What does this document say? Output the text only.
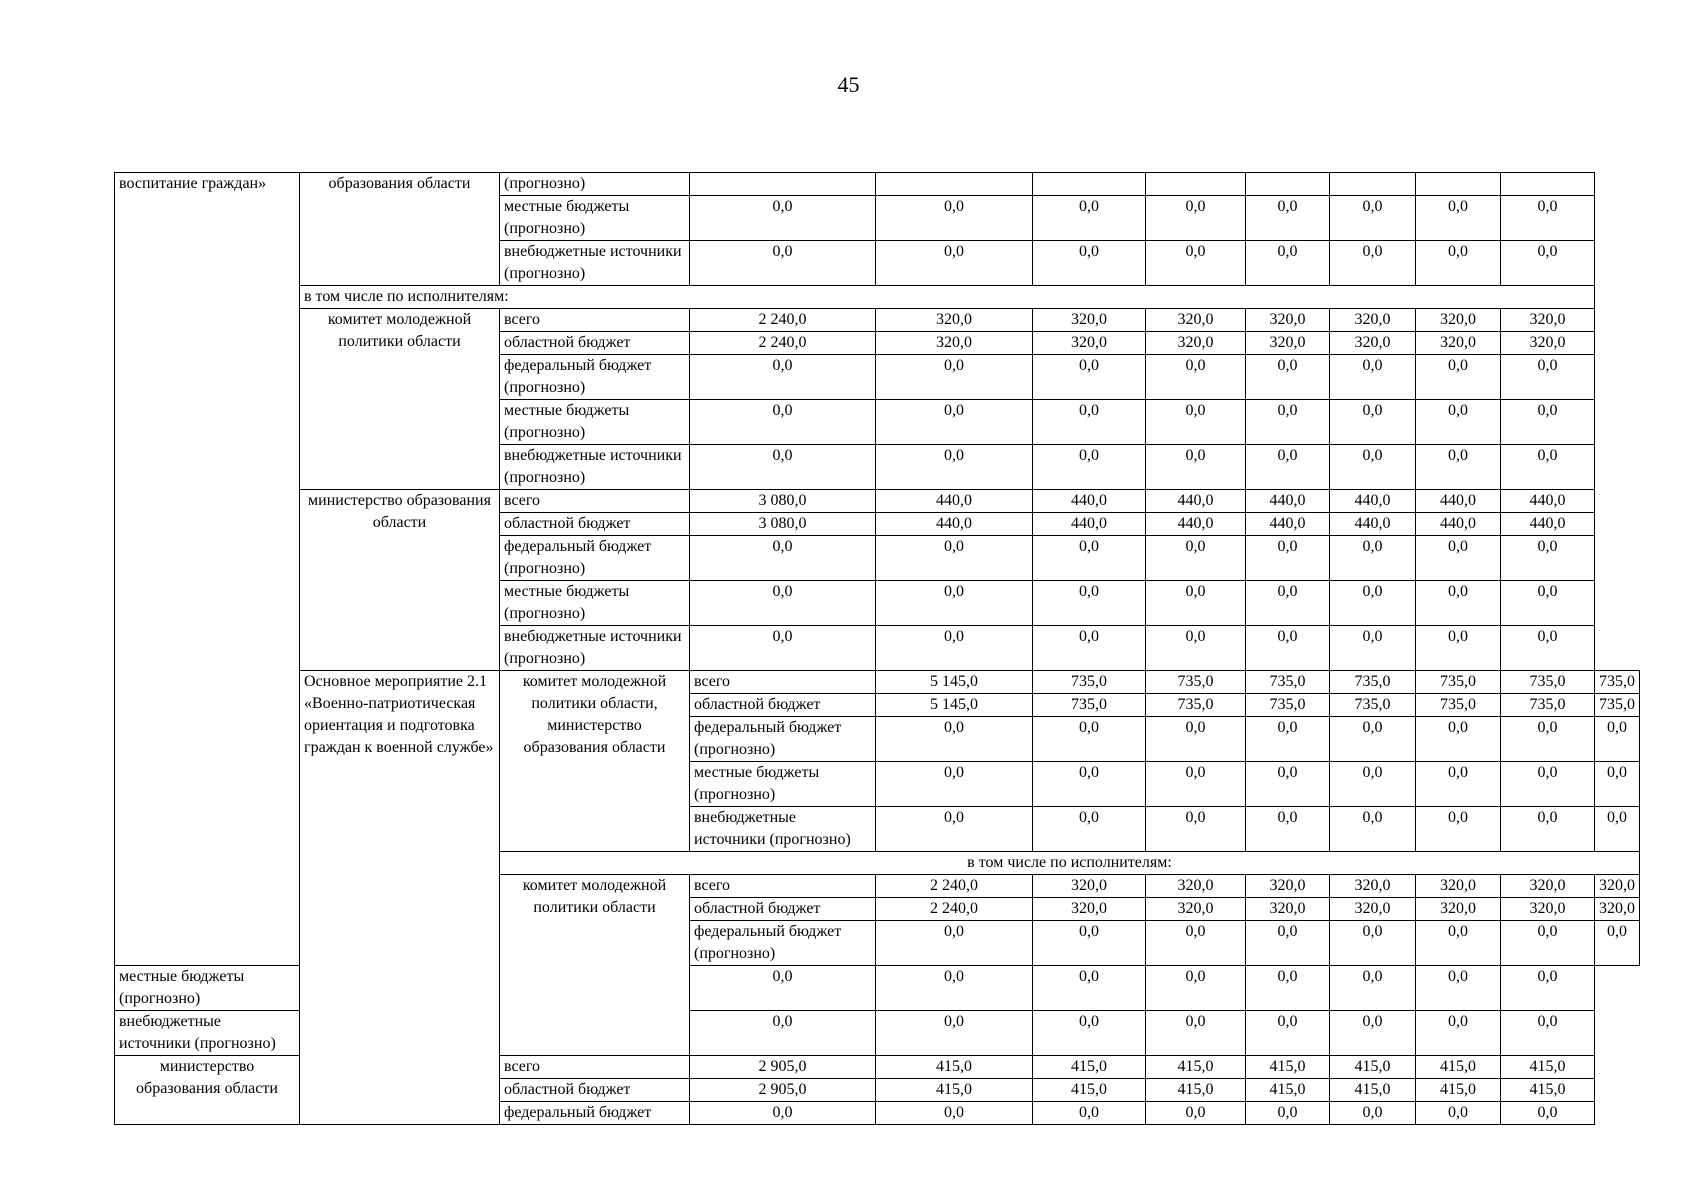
45
воспитание граждан»	образования области	(прогнозно)									
		местные бюджеты (прогнозно)	0,0	0,0	0,0	0,0	0,0	0,0	0,0	0,0	
		внебюджетные источники (прогнозно)	0,0	0,0	0,0	0,0	0,0	0,0	0,0	0,0	
	в том числе по исполнителям:										
	комитет молодежной политики области	всего	2 240,0	320,0	320,0	320,0	320,0	320,0	320,0	320,0	
		областной бюджет	2 240,0	320,0	320,0	320,0	320,0	320,0	320,0	320,0	
		федеральный бюджет (прогнозно)	0,0	0,0	0,0	0,0	0,0	0,0	0,0	0,0	
		местные бюджеты (прогнозно)	0,0	0,0	0,0	0,0	0,0	0,0	0,0	0,0	
		внебюджетные источники (прогнозно)	0,0	0,0	0,0	0,0	0,0	0,0	0,0	0,0	
	министерство образования области	всего	3 080,0	440,0	440,0	440,0	440,0	440,0	440,0	440,0	
		областной бюджет	3 080,0	440,0	440,0	440,0	440,0	440,0	440,0	440,0	
		федеральный бюджет (прогнозно)	0,0	0,0	0,0	0,0	0,0	0,0	0,0	0,0	
		местные бюджеты (прогнозно)	0,0	0,0	0,0	0,0	0,0	0,0	0,0	0,0	
		внебюджетные источники (прогнозно)	0,0	0,0	0,0	0,0	0,0	0,0	0,0	0,0	
	Основное мероприятие 2.1 «Военно-патриотическая ориентация и подготовка граждан к военной службе»	комитет молодежной политики области, министерство образования области	всего	5 145,0	735,0	735,0	735,0	735,0	735,0	735,0	735,0
			областной бюджет	5 145,0	735,0	735,0	735,0	735,0	735,0	735,0	735,0
			федеральный бюджет (прогнозно)	0,0	0,0	0,0	0,0	0,0	0,0	0,0	0,0
			местные бюджеты (прогнозно)	0,0	0,0	0,0	0,0	0,0	0,0	0,0	0,0
			внебюджетные источники (прогнозно)	0,0	0,0	0,0	0,0	0,0	0,0	0,0	0,0
		в том числе по исполнителям:									
		комитет молодежной политики области	всего	2 240,0	320,0	320,0	320,0	320,0	320,0	320,0	320,0
			областной бюджет	2 240,0	320,0	320,0	320,0	320,0	320,0	320,0	320,0
			федеральный бюджет (прогнозно)	0,0	0,0	0,0	0,0	0,0	0,0	0,0	0,0
местные бюджеты (прогнозно)			0,0	0,0	0,0	0,0	0,0	0,0	0,0	0,0	
внебюджетные источники (прогнозно)			0,0	0,0	0,0	0,0	0,0	0,0	0,0	0,0	
министерство образования области		всего	2 905,0	415,0	415,0	415,0	415,0	415,0	415,0	415,0	
		областной бюджет	2 905,0	415,0	415,0	415,0	415,0	415,0	415,0	415,0	
		федеральный бюджет	0,0	0,0	0,0	0,0	0,0	0,0	0,0	0,0	
